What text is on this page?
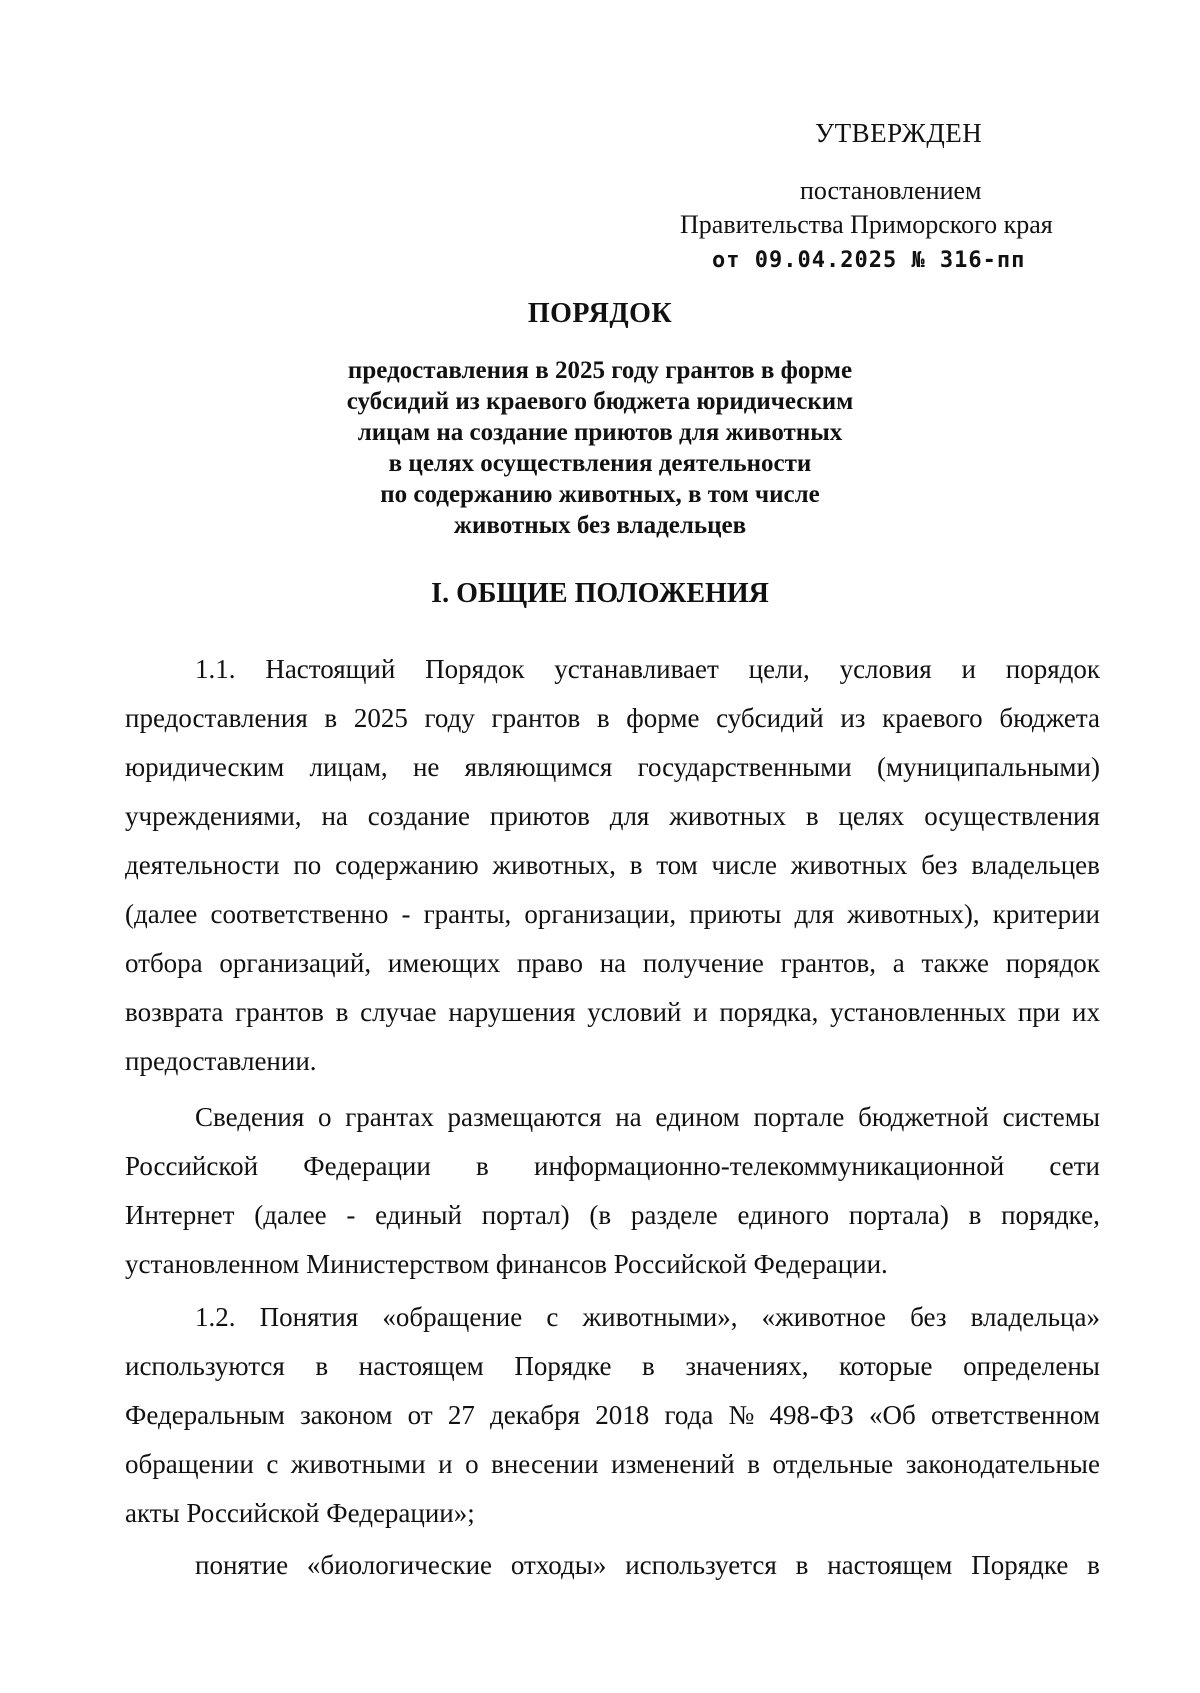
УТВЕРЖДЕН
постановлением
Правительства Приморского края
от 09.04.2025 № 316-пп
ПОРЯДОК
предоставления в 2025 году грантов в форме
субсидий из краевого бюджета юридическим
лицам на создание приютов для животных
в целях осуществления деятельности
по содержанию животных, в том числе
животных без владельцев
I. ОБЩИЕ ПОЛОЖЕНИЯ
1.1. Настоящий Порядок устанавливает цели, условия и порядок
предоставления в 2025 году грантов в форме субсидий из краевого бюджета
юридическим лицам, не являющимся государственными (муниципальными)
учреждениями, на создание приютов для животных в целях осуществления
деятельности по содержанию животных, в том числе животных без владельцев
(далее соответственно - гранты, организации, приюты для животных), критерии
отбора организаций, имеющих право на получение грантов, а также порядок
возврата грантов в случае нарушения условий и порядка, установленных при их
предоставлении.
Сведения о грантах размещаются на едином портале бюджетной системы
Российской Федерации в информационно-телекоммуникационной сети
Интернет (далее - единый портал) (в разделе единого портала) в порядке,
установленном Министерством финансов Российской Федерации.
1.2. Понятия «обращение с животными», «животное без владельца»
используются в настоящем Порядке в значениях, которые определены
Федеральным законом от 27 декабря 2018 года № 498-ФЗ «Об ответственном
обращении с животными и о внесении изменений в отдельные законодательные
акты Российской Федерации»;
понятие «биологические отходы» используется в настоящем Порядке в
